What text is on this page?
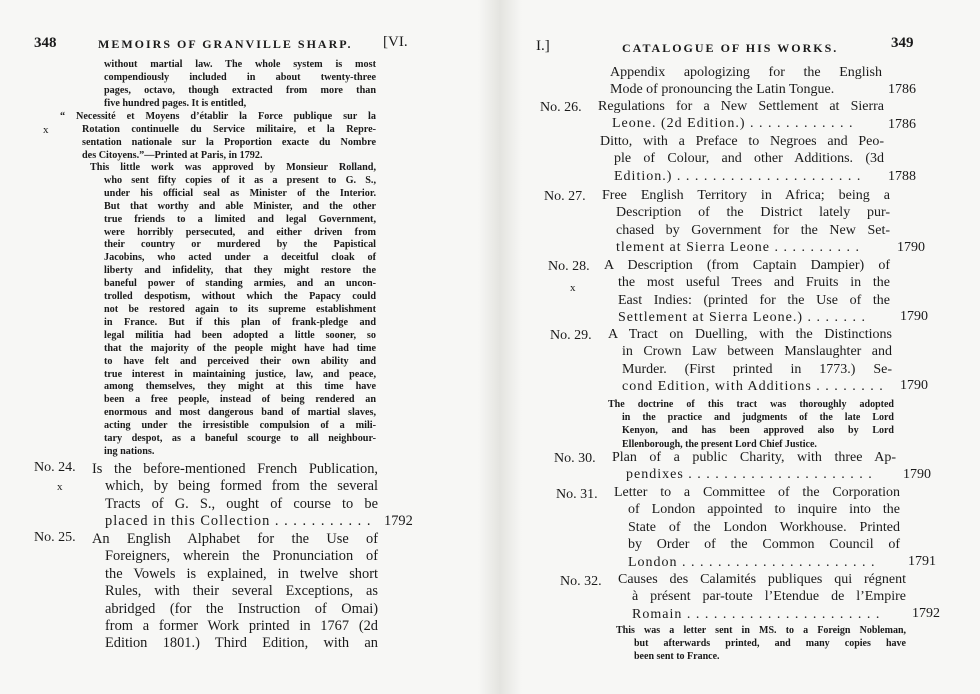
348	MEMOIRS OF GRANVILLE SHARP. [VI.
without martial law. The whole system is most
compendiously included in about twenty-three
pages, octavo, though extracted from more than
five hundred pages. It is entitled,
x
“ Necessité et Moyens d’établir la Force publique sur la
Rotation continuelle du Service militaire, et la Repre-
sentation nationale sur la Proportion exacte du Nombre
des Citoyens.”—Printed at Paris, in 1792.
This little work was approved by Monsieur Rolland,
who sent fifty copies of it as a present to G. S.,
under his official seal as Minister of the Interior.
But that worthy and able Minister, and the other
true friends to a limited and legal Government,
were horribly persecuted, and either driven from
their country or murdered by the Papistical
Jacobins, who acted under a deceitful cloak of
liberty and infidelity, that they might restore the
baneful power of standing armies, and an uncon-
trolled despotism, without which the Papacy could
not be restored again to its supreme establishment
in France. But if this plan of frank-pledge and
legal militia had been adopted a little sooner, so
that the majority of the people might have had time
to have felt and perceived their own ability and
true interest in maintaining justice, law, and peace,
among themselves, they might at this time have
been a free people, instead of being rendered an
enormous and most dangerous band of martial slaves,
acting under the irresistible compulsion of a mili-
tary despot, as a baneful scourge to all neighbour-
ing nations.
No. 24.
x
Is the before-mentioned French Publication,
which, by being formed from the several
Tracts of G. S., ought of course to be
placed in this Collection . . . . . . . . . . . 1792
No. 25. An English Alphabet for the Use of
Foreigners, wherein the Pronunciation of
the Vowels is explained, in twelve short
Rules, with their several Exceptions, as
abridged (for the Instruction of Omai)
from a former Work printed in 1767 (2d
Edition 1801.) Third Edition, with an
I.]	CATALOGUE OF HIS WORKS.	349
Appendix apologizing for the English
Mode of pronouncing the Latin Tongue.	1786
No. 26. Regulations for a New Settlement at Sierra
Leone. (2d Edition.) . . . . . . . . . . . .	1786
Ditto, with a Preface to Negroes and Peo-
ple of Colour, and other Additions. (3d
Edition.) . . . . . . . . . . . . . . . . . . . . .	1788
No. 27. Free English Territory in Africa; being a
Description of the District lately pur-
chased by Government for the New Set-
tlement at Sierra Leone . . . . . . . . . .	1790
No. 28.
x
A Description (from Captain Dampier) of
the most useful Trees and Fruits in the
East Indies: (printed for the Use of the
Settlement at Sierra Leone.) . . . . . . .	1790
No. 29. A Tract on Duelling, with the Distinctions
in Crown Law between Manslaughter and
Murder. (First printed in 1773.) Se-
cond Edition, with Additions . . . . . . . .	1790
The doctrine of this tract was thoroughly adopted
in the practice and judgments of the late Lord
Kenyon, and has been approved also by Lord
Ellenborough, the present Lord Chief Justice.
No. 30. Plan of a public Charity, with three Ap-
pendixes . . . . . . . . . . . . . . . . . . . . .	1790
No. 31. Letter to a Committee of the Corporation
of London appointed to inquire into the
State of the London Workhouse. Printed
by Order of the Common Council of
London . . . . . . . . . . . . . . . . . . . . . .	1791
No. 32. Causes des Calamités publiques qui régnent
à présent par-toute l’Etendue de l’Empire
Romain . . . . . . . . . . . . . . . . . . . . . .	1792
This was a letter sent in MS. to a Foreign Nobleman,
but afterwards printed, and many copies have
been sent to France.
